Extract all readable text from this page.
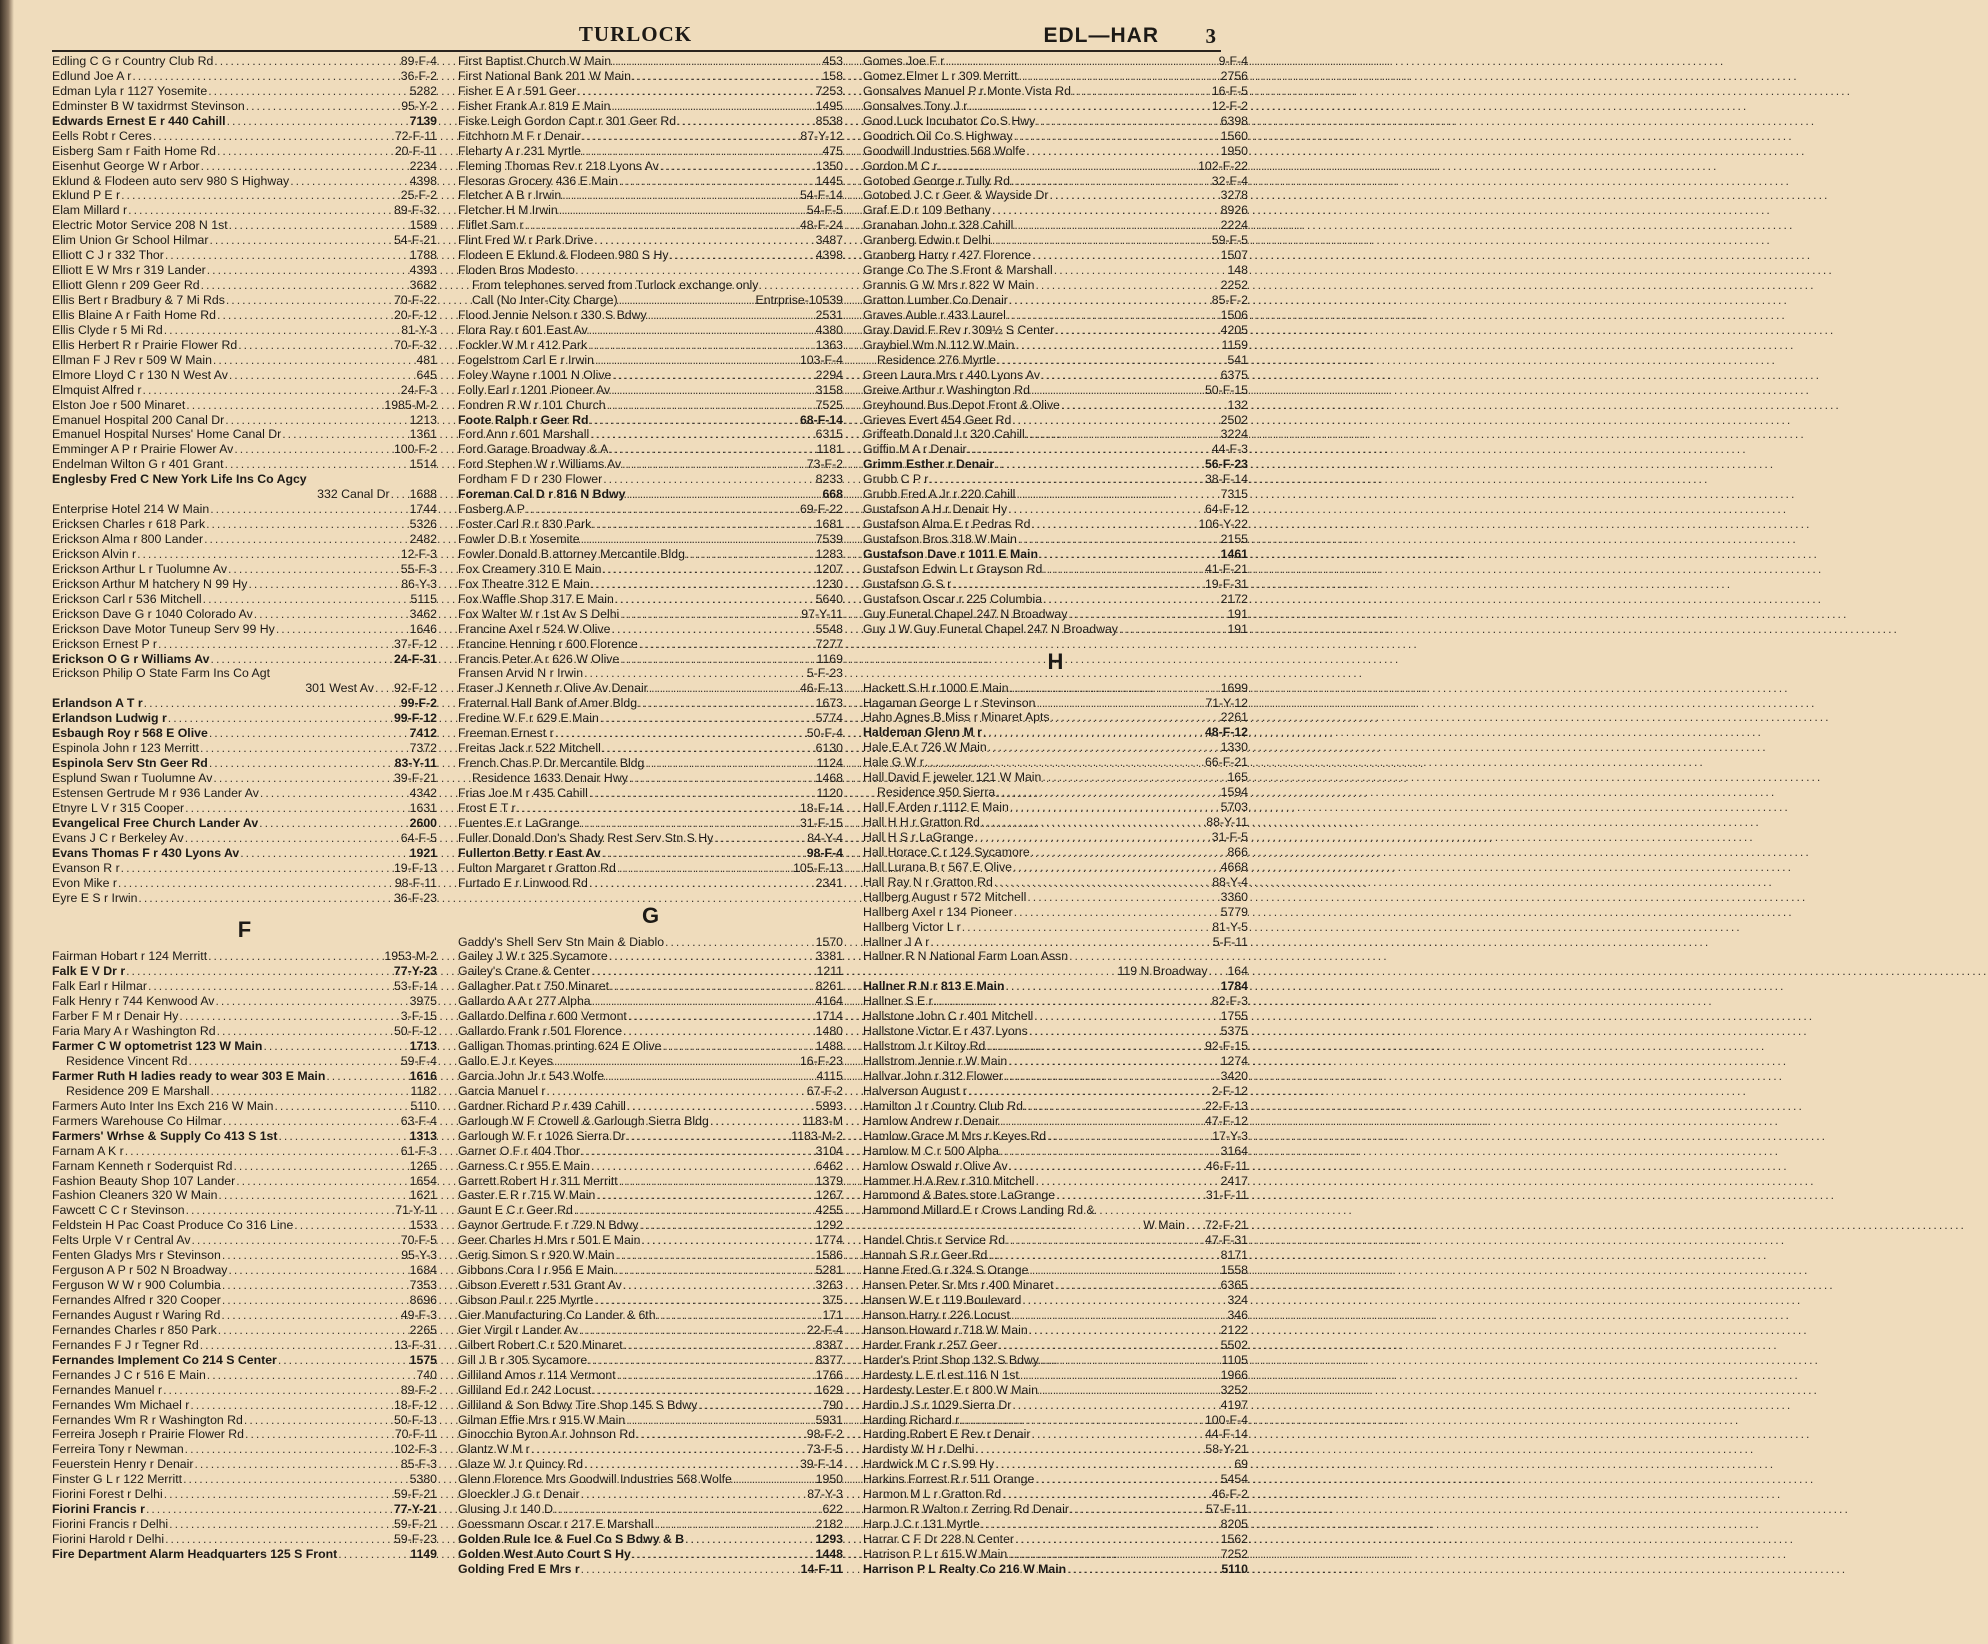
TURLOCK	EDL—HAR 3
Edling C G r Country Club Rd .....	89-F-4
Edlund Joe A r .....	36-F-2
Edman Lyla r 1127 Yosemite .....	5282
Edminster B W taxidrmst Stevinson .....	95-Y-2
Edwards Ernest E r 440 Cahill .....	7139
Eells Robt r Ceres .....	72-F-11
Eisberg Sam r Faith Home Rd .....	20-F-11
Eisenhut George W r Arbor .....	2234
Eklund & Flodeen auto serv 980 S Highway .....	4398
Eklund P E r .....	25-F-2
Elam Millard r .....	89-F-32
Electric Motor Service 208 N 1st .....	1589
Elim Union Gr School Hilmar .....	54-F-21
Elliott C J r 332 Thor .....	1788
Elliott E W Mrs r 319 Lander .....	4393
Elliott Glenn r 209 Geer Rd .....	3682
Ellis Bert r Bradbury & 7 Mi Rds .....	70-F-22
Ellis Blaine A r Faith Home Rd .....	20-F-12
Ellis Clyde r 5 Mi Rd .....	81-Y-3
Ellis Herbert R r Prairie Flower Rd .....	70-F-32
Ellman F J Rev r 509 W Main .....	481
Elmore Lloyd C r 130 N West Av .....	645
Elmquist Alfred r .....	24-F-3
Elston Joe r 500 Minaret .....	1985-M-2
Emanuel Hospital 200 Canal Dr .....	1213
Emanuel Hospital Nurses' Home Canal Dr .....	1361
Emminger A P r Prairie Flower Av .....	100-F-2
Endelman Wilton G r 401 Grant .....	1514
Englesby Fred C New York Life Ins Co Agcy
332 Canal Dr ..... 1688
Enterprise Hotel 214 W Main .....	1744
Ericksen Charles r 618 Park .....	5326
Erickson Alma r 800 Lander .....	2482
Erickson Alvin r .....	12-F-3
Erickson Arthur L r Tuolumne Av .....	55-F-3
Erickson Arthur M hatchery N 99 Hy .....	86-Y-3
Erickson Carl r 536 Mitchell .....	5115
Erickson Dave G r 1040 Colorado Av .....	3462
Erickson Dave Motor Tuneup Serv 99 Hy .....	1646
Erickson Ernest P r .....	37-F-12
Erickson O G r Williams Av .....	24-F-31
Erickson Philip O State Farm Ins Co Agt
301 West Av ..... 92-F-12
Erlandson A T r .....	99-F-2
Erlandson Ludwig r .....	99-F-12
Esbaugh Roy r 568 E Olive .....	7412
Espinola John r 123 Merritt .....	7372
Espinola Serv Stn Geer Rd .....	83-Y-11
Esplund Swan r Tuolumne Av .....	39-F-21
Estensen Gertrude M r 936 Lander Av .....	4342
Etnyre L V r 315 Cooper .....	1631
Evangelical Free Church Lander Av .....	2600
Evans J C r Berkeley Av .....	64-F-5
Evans Thomas F r 430 Lyons Av .....	1921
Evanson R r .....	19-F-13
Evon Mike r .....	98-F-11
Eyre E S r Irwin .....	36-F-23
F
Fairman Hobart r 124 Merritt .....	1953-M-2
Falk E V Dr r .....	77-Y-23
Falk Earl r Hilmar .....	53-F-14
Falk Henry r 744 Kenwood Av .....	3975
Farber F M r Denair Hy .....	3-F-15
Faria Mary A r Washington Rd .....	50-F-12
Farmer C W optometrist 123 W Main .....	1713
Residence Vincent Rd .....	59-F-4
Farmer Ruth H ladies ready to wear 303 E Main .....	1616
Residence 209 E Marshall .....	1182
Farmers Auto Inter Ins Exch 216 W Main .....	5110
Farmers Warehouse Co Hilmar .....	63-F-4
Farmers' Wrhse & Supply Co 413 S 1st .....	1313
Farnam A K r .....	61-F-3
Farnam Kenneth r Soderquist Rd .....	1265
Fashion Beauty Shop 107 Lander .....	1654
Fashion Cleaners 320 W Main .....	1621
Fawcett C C r Stevinson .....	71-Y-11
Feldstein H Pac Coast Produce Co 316 Line .....	1533
Felts Urple V r Central Av .....	70-F-5
Fenten Gladys Mrs r Stevinson .....	95-Y-3
Ferguson A P r 502 N Broadway .....	1684
Ferguson W W r 900 Columbia .....	7353
Fernandes Alfred r 320 Cooper .....	8696
Fernandes August r Waring Rd .....	49-F-3
Fernandes Charles r 850 Park .....	2265
Fernandes F J r Tegner Rd .....	13-F-31
Fernandes Implement Co 214 S Center .....	1575
Fernandes J C r 516 E Main .....	740
Fernandes Manuel r .....	89-F-2
Fernandes Wm Michael r .....	18-F-12
Fernandes Wm R r Washington Rd .....	50-F-13
Ferreira Joseph r Prairie Flower Rd .....	70-F-11
Ferreira Tony r Newman .....	102-F-3
Feuerstein Henry r Denair .....	85-F-3
Finster G L r 122 Merritt .....	5380
Fiorini Forest r Delhi .....	59-F-21
Fiorini Francis r .....	77-Y-21
Fiorini Francis r Delhi .....	59-F-21
Fiorini Harold r Delhi .....	59-F-23
Fire Department Alarm Headquarters 125 S Front .....	1149
First Baptist Church W Main .....	453
First National Bank 201 W Main .....	158
Fisher E A r 591 Geer .....	7253
Fisher Frank A r 819 E Main .....	1495
Fiske Leigh Gordon Capt r 301 Geer Rd .....	8538
Fitchhorn M F r Denair .....	87-Y-12
Fleharty A r 231 Myrtle .....	475
Fleming Thomas Rev r 218 Lyons Av .....	1350
Flesoras Grocery 436 E Main .....	1445
Fletcher A B r Irwin .....	54-F-14
Fletcher H M Irwin .....	54-F-5
Fliflet Sam r .....	48-F-24
Flint Fred W r Park Drive .....	3487
Flodeen E Eklund & Flodeen 980 S Hy .....	4398
Floden Bros Modesto
From telephones served from Turlock exchange only
Call (No Inter-City Charge) .....	Entrprise-10539
Flood Jennie Nelson r 330 S Bdwy .....	2531
Flora Ray r 601 East Av .....	4380
Fockler W M r 412 Park .....	1363
Fogelstrom Carl E r Irwin .....	103-F-4
Foley Wayne r 1001 N Olive .....	2294
Folly Earl r 1201 Pioneer Av .....	3158
Fondren R W r 101 Church .....	7525
Foote Ralph r Geer Rd .....	68-F-14
Ford Ann r 601 Marshall .....	6315
Ford Garage Broadway & A .....	1181
Ford Stephen W r Williams Av .....	73-F-2
Fordham F D r 230 Flower .....	8233
Foreman Cal D r 816 N Bdwy .....	668
Fosberg A P .....	69-F-22
Foster Carl R r 830 Park .....	1681
Fowler D B r Yosemite .....	7539
Fowler Donald B attorney Mercantile Bldg .....	1283
Fox Creamery 310 E Main .....	1207
Fox Theatre 312 E Main .....	1230
Fox Waffle Shop 317 E Main .....	5640
Fox Walter W r 1st Av S Delhi .....	97-Y-11
Francine Axel r 524 W Olive .....	5548
Francine Henning r 600 Florence .....	7277
Francis Peter A r 626 W Olive .....	1169
Fransen Arvid N r Irwin .....	5-F-23
Fraser J Kenneth r Olive Av Denair .....	46-F-13
Fraternal Hall Bank of Amer Bldg .....	1673
Fredine W F r 629 E Main .....	5774
Freeman Ernest r .....	50-F-4
Freitas Jack r 522 Mitchell .....	6130
French Chas P Dr Mercantile Bldg .....	1124
Residence 1633 Denair Hwy .....	1468
Frias Joe M r 435 Cahill .....	1120
Frost E T r .....	18-F-14
Fuentes E r LaGrange .....	31-F-15
Fuller Donald Don's Shady Rest Serv Stn S Hy .....	84-Y-4
Fullerton Betty r East Av .....	98-F-4
Fulton Margaret r Gratton Rd .....	105-F-13
Furtado E r Linwood Rd .....	2341
G
Gaddy's Shell Serv Stn Main & Diablo .....	1570
Gailey J W r 325 Sycamore .....	3381
Gailey's Crane & Center .....	1211
Gallagher Pat r 750 Minaret .....	8261
Gallardo A A r 277 Alpha .....	4164
Gallardo Delfina r 600 Vermont .....	1714
Gallardo Frank r 501 Florence .....	1480
Galligan Thomas printing 624 E Olive .....	1488
Gallo E J r Keyes .....	16-F-23
Garcia John Jr r 543 Wolfe .....	4115
Garcia Manuel r .....	67-F-2
Gardner Richard P r 439 Cahill .....	5993
Garlough W F Crowell & Garlough Sierra Bldg .....	1183-M
Garlough W F r 1026 Sierra Dr .....	1183-M-2
Garner O F r 404 Thor .....	3104
Garness C r 955 E Main .....	6462
Garrett Robert H r 311 Merritt .....	1379
Gaster E R r 715 W Main .....	1267
Gaunt E C r Geer Rd .....	4255
Gaynor Gertrude F r 729 N Bdwy .....	1292
Geer Charles H Mrs r 501 E Main .....	1774
Gerig Simon S r 920 W Main .....	1586
Gibbons Cora I r 956 E Main .....	5281
Gibson Everett r 531 Grant Av .....	3263
Gibson Paul r 225 Myrtle .....	375
Gier Manufacturing Co Lander & 6th .....	171
Gier Virgil r Lander Av .....	22-F-4
Gilbert Robert C r 520 Minaret .....	8387
Gill J B r 305 Sycamore .....	8377
Gilliland Amos r 114 Vermont .....	1766
Gilliland Ed r 242 Locust .....	1629
Gilliland & Son Bdwy Tire Shop 145 S Bdwy .....	790
Gilman Effie Mrs r 915 W Main .....	5931
Ginocchio Byron A r Johnson Rd .....	98-F-2
Glantz W M r .....	73-F-5
Glaze W J r Quincy Rd .....	39-F-14
Glenn Florence Mrs Goodwill Industries 568 Wolfe .....	1950
Gloeckler J G r Denair .....	87-Y-3
Glusing J r 140 D .....	622
Goessmann Oscar r 217 E Marshall .....	2182
Golden Rule Ice & Fuel Co S Bdwy & B .....	1293
Golden West Auto Court S Hy .....	1448
Golding Fred E Mrs r .....	14-F-11
Gomes Joe F r .....	9-F-4
Gomez Elmer L r 309 Merritt .....	2756
Gonsalves Manuel P r Monte Vista Rd .....	16-F-5
Gonsalves Tony J r .....	12-F-2
Good Luck Incubator Co S Hwy .....	6398
Goodrich Oil Co S Highway .....	1560
Goodwill Industries 568 Wolfe .....	1950
Gordon M C r .....	102-F-22
Gotobed George r Tully Rd .....	32-F-4
Gotobed J C r Geer & Wayside Dr .....	3278
Graf E D r 109 Bethany .....	8926
Granahan John r 328 Cahill .....	2224
Granberg Edwin r Delhi .....	59-F-5
Granberg Harry r 427 Florence .....	1507
Grange Co The S Front & Marshall .....	148
Grannis G W Mrs r 822 W Main .....	2252
Gratton Lumber Co Denair .....	85-F-2
Graves Auble r 433 Laurel .....	1506
Gray David F Rev r 309½ S Center .....	4205
Graybiel Wm N 112 W Main .....	1159
Residence 276 Myrtle .....	541
Green Laura Mrs r 440 Lyons Av .....	6375
Greive Arthur r Washington Rd .....	50-F-15
Greyhound Bus Depot Front & Olive .....	132
Grieves Evert 454 Geer Rd .....	2502
Griffeath Donald I r 320 Cahill .....	3224
Griffin M A r Denair .....	44-F-3
Grimm Esther r Denair .....	56-F-23
Grubb C P r .....	38-F-14
Grubb Fred A Jr r 220 Cahill .....	7315
Gustafson A H r Denair Hy .....	64-F-12
Gustafson Alma E r Pedras Rd .....	106-Y-22
Gustafson Bros 318 W Main .....	2155
Gustafson Dave r 1011 E Main .....	1461
Gustafson Edwin L r Grayson Rd .....	41-F-21
Gustafson G S r .....	19-F-31
Gustafson Oscar r 225 Columbia .....	2172
Guy Funeral Chapel 247 N Broadway .....	191
Guy J W Guy Funeral Chapel 247 N Broadway .....	191
H
Hackett S H r 1000 E Main .....	1699
Hagaman George L r Stevinson .....	71-Y-12
Hahn Agnes B Miss r Minaret Apts .....	2261
Haldeman Glenn M r .....	48-F-12
Hale E A r 726 W Main .....	1330
Hale G W r .....	66-F-21
Hall David F jeweler 121 W Main .....	165
Residence 950 Sierra .....	1594
Hall F Arden r 1112 E Main .....	5703
Hall H H r Gratton Rd .....	88-Y-11
Hall H S r LaGrange .....	31-F-5
Hall Horace C r 124 Sycamore .....	866
Hall Lurana B r 567 E Olive .....	4668
Hall Ray N r Gratton Rd .....	88-Y-4
Hallberg August r 572 Mitchell .....	3360
Hallberg Axel r 134 Pioneer .....	5779
Hallberg Victor L r .....	81-Y-5
Hallner J A r .....	5-F-11
Hallner R N National Farm Loan Assn
119 N Broadway ..... 164
Hallner R N r 813 E Main .....	1784
Hallner S E r .....	82-F-3
Hallstone John C r 401 Mitchell .....	1755
Hallstone Victor E r 437 Lyons .....	5375
Hallstrom J r Kilroy Rd .....	92-F-15
Hallstrom Jennie r W Main .....	1274
Hallvar John r 312 Flower .....	3420
Halverson August r .....	2-F-12
Hamilton J r Country Club Rd .....	22-F-13
Hamlow Andrew r Denair .....	47-F-12
Hamlow Grace M Mrs r Keyes Rd .....	17-Y-3
Hamlow M C r 500 Alpha .....	3164
Hamlow Oswald r Olive Av .....	46-F-11
Hammer H A Rev r 310 Mitchell .....	2417
Hammond & Bates store LaGrange .....	31-F-11
Hammond Millard E r Crows Landing Rd &
W Main ..... 72-F-21
Handel Chris r Service Rd .....	47-F-31
Hannah S R r Geer Rd .....	8171
Hanne Fred G r 324 S Orange .....	1558
Hansen Peter Sr Mrs r 400 Minaret .....	6365
Hansen W E r 119 Boulevard .....	324
Hanson Harry r 226 Locust .....	346
Hanson Howard r 718 W Main .....	2122
Harder Frank r 257 Geer .....	5502
Harder's Print Shop 132 S Bdwy .....	1105
Hardesty L E rl est 116 N 1st .....	1966
Hardesty Lester E r 800 W Main .....	3252
Hardin J S r 1029 Sierra Dr .....	4197
Harding Richard r .....	100-F-4
Harding Robert E Rev r Denair .....	44-F-14
Hardisty W H r Delhi .....	58-Y-21
Hardwick M C r S 99 Hy .....	69
Harkins Forrest R r 511 Orange .....	5454
Harmon M L r Gratton Rd .....	46-F-2
Harmon R Walton r Zerring Rd Denair .....	57-F-11
Harp J C r 131 Myrtle .....	8205
Harrar C F Dr 228 N Center .....	1562
Harrison P L r 615 W Main .....	7252
Harrison P L Realty Co 216 W Main .....	5110
